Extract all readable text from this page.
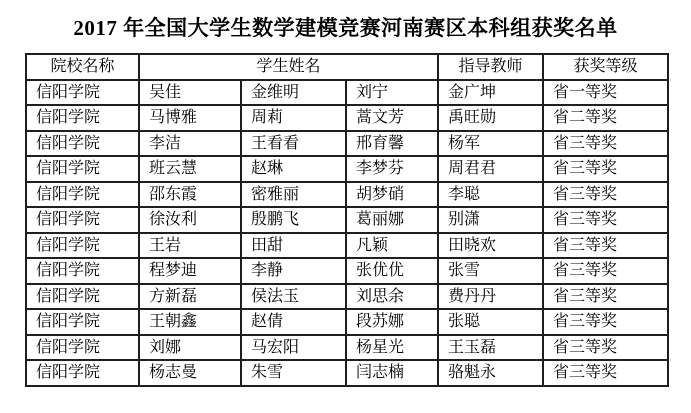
2017 年全国大学生数学建模竞赛河南赛区本科组获奖名单
院校名称	学生姓名			指导教师	获奖等级
信阳学院	吴佳	金维明	刘宁	金广坤	省一等奖
信阳学院	马博雅	周莉	蒿文芳	禹旺勋	省二等奖
信阳学院	李洁	王看看	邢育馨	杨军	省三等奖
信阳学院	班云慧	赵琳	李梦芬	周君君	省三等奖
信阳学院	邵东霞	密雅丽	胡梦硝	李聪	省三等奖
信阳学院	徐汝利	殷鹏飞	葛丽娜	别潇	省三等奖
信阳学院	王岩	田甜	凡颖	田晓欢	省三等奖
信阳学院	程梦迪	李静	张优优	张雪	省三等奖
信阳学院	方新磊	侯法玉	刘思余	费丹丹	省三等奖
信阳学院	王朝鑫	赵倩	段苏娜	张聪	省三等奖
信阳学院	刘娜	马宏阳	杨星光	王玉磊	省三等奖
信阳学院	杨志曼	朱雪	闫志楠	骆魁永	省三等奖
